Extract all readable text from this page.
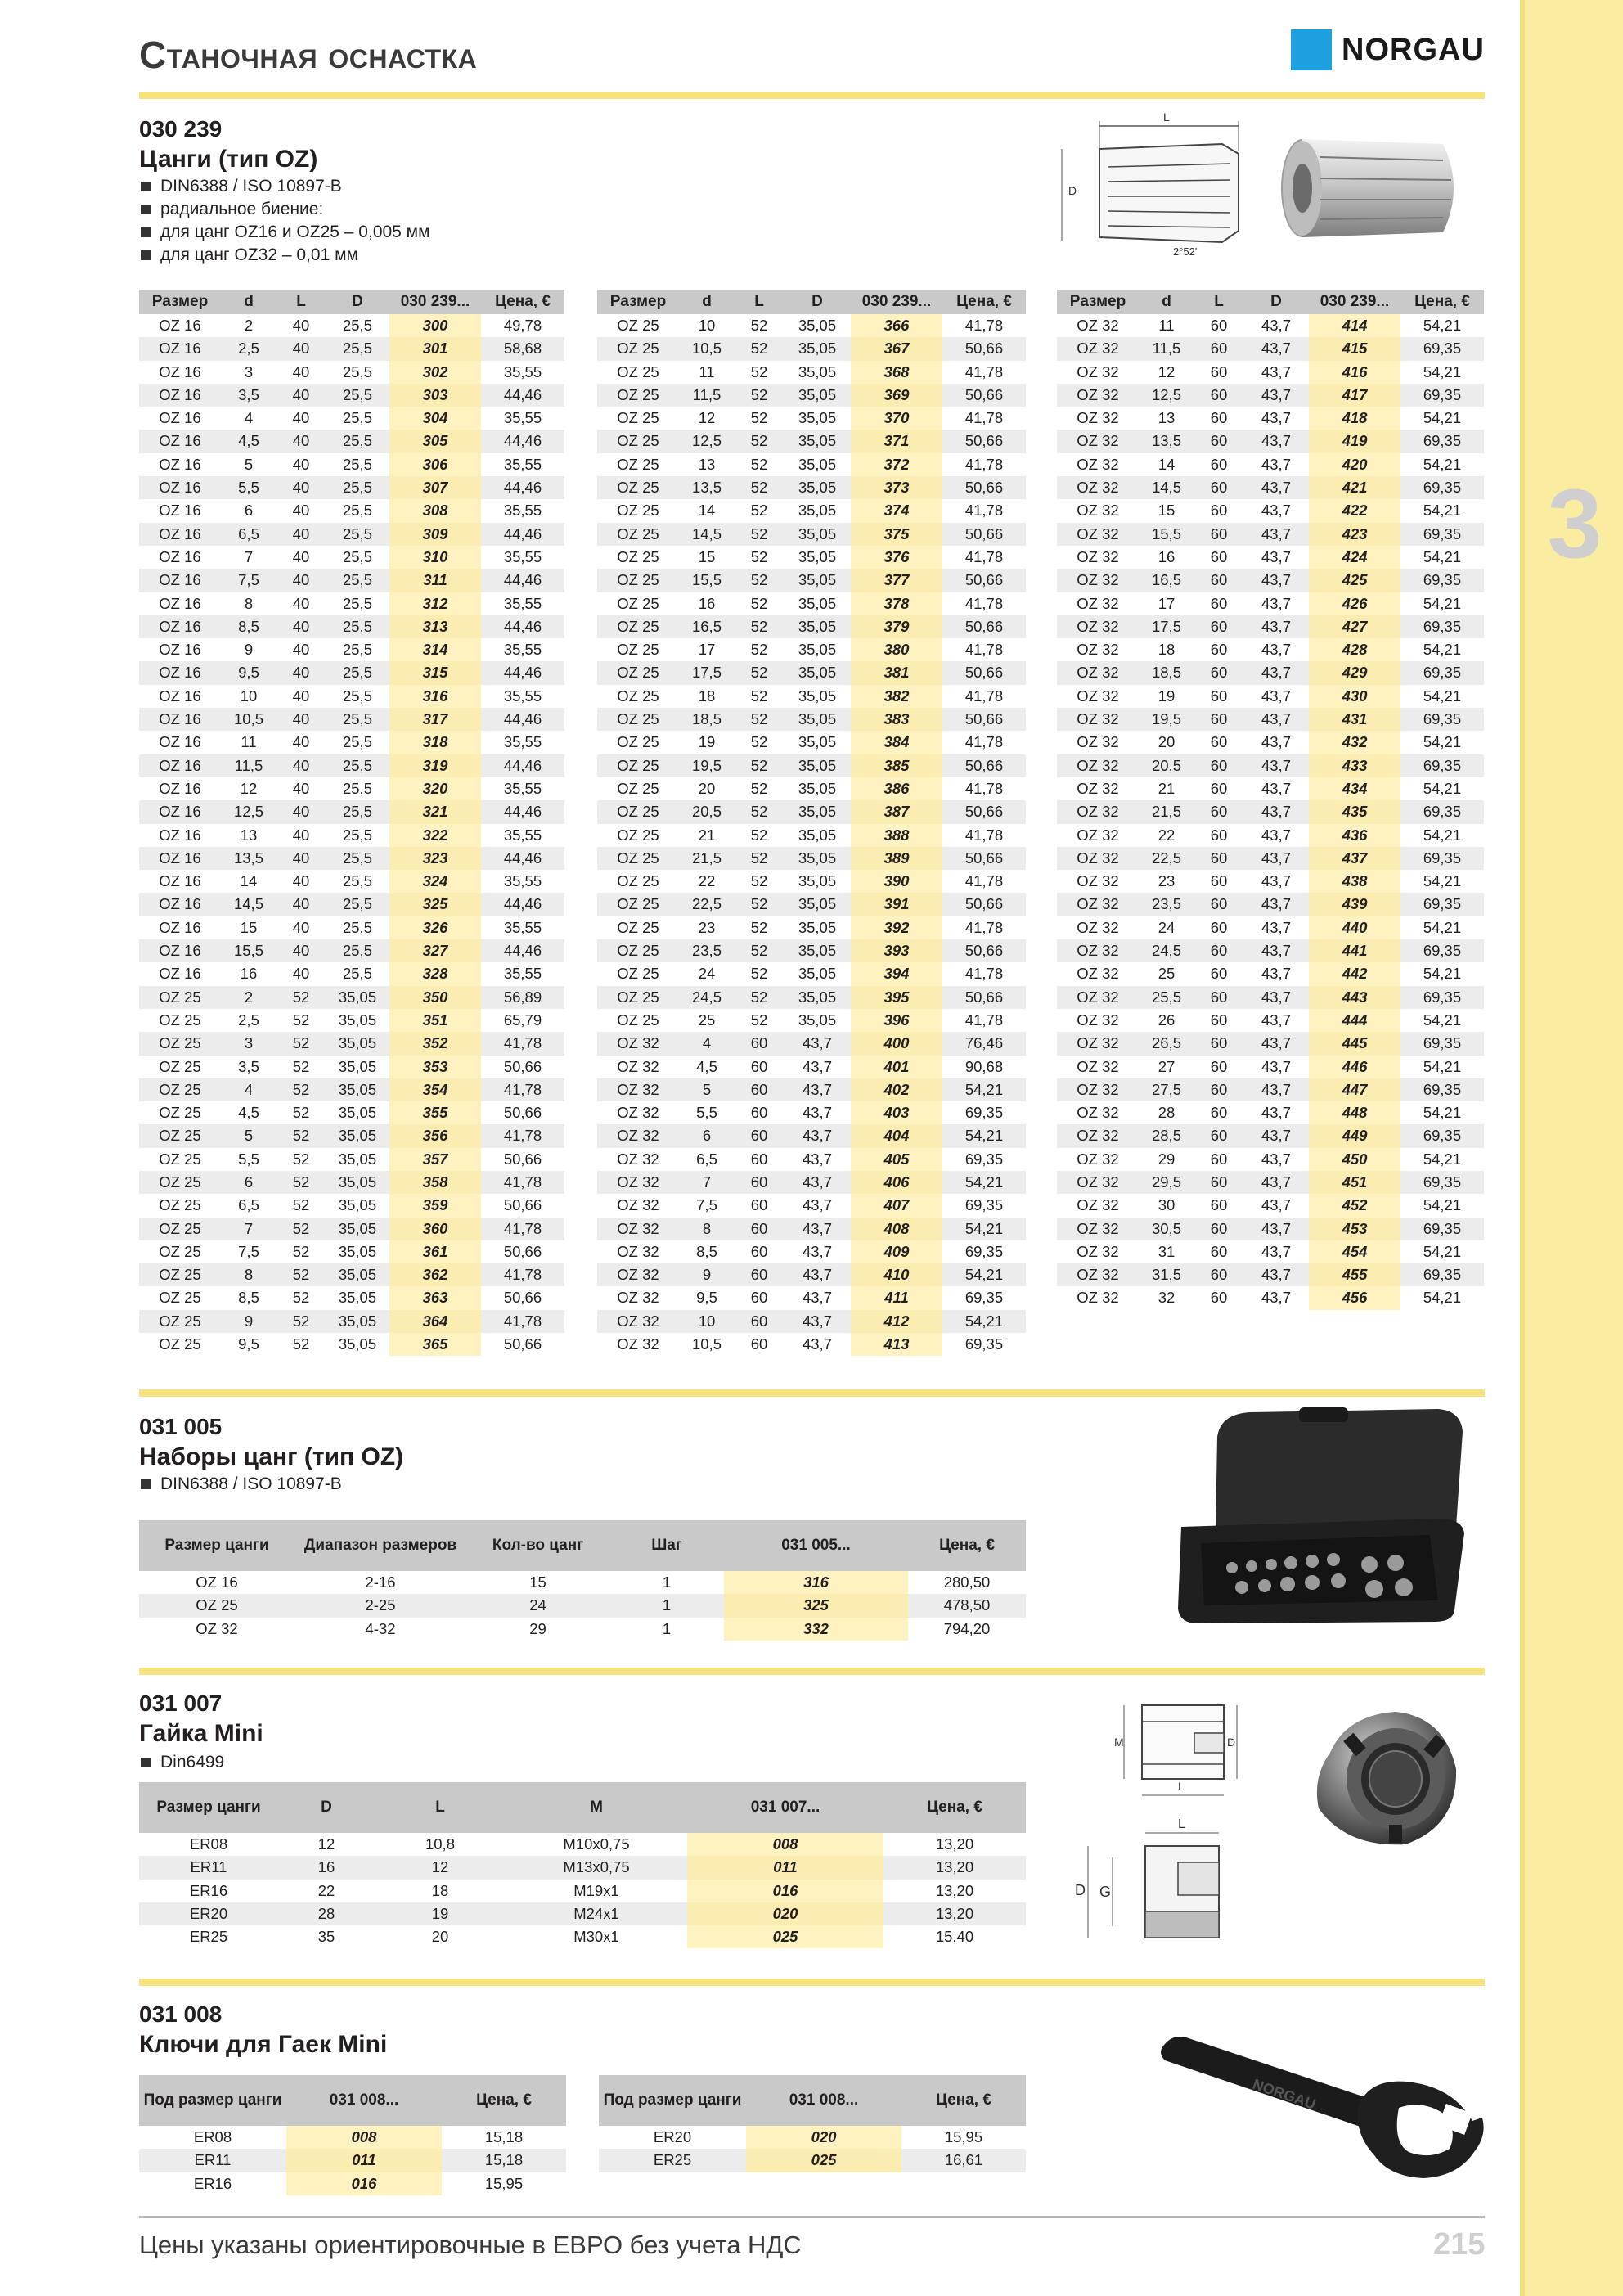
3
Станочная оснастка	NORGAU
030 239
Цанги (тип OZ)
DIN6388 / ISO 10897-B
радиальное биение:
для цанг OZ16 и OZ25 – 0,005 мм
для цанг OZ32 – 0,01 мм
L
D
2°52'
Размер	d	L	D	030 239...	Цена, €
OZ 16	2	40	25,5	300	49,78
OZ 16	2,5	40	25,5	301	58,68
OZ 16	3	40	25,5	302	35,55
OZ 16	3,5	40	25,5	303	44,46
OZ 16	4	40	25,5	304	35,55
OZ 16	4,5	40	25,5	305	44,46
OZ 16	5	40	25,5	306	35,55
OZ 16	5,5	40	25,5	307	44,46
OZ 16	6	40	25,5	308	35,55
OZ 16	6,5	40	25,5	309	44,46
OZ 16	7	40	25,5	310	35,55
OZ 16	7,5	40	25,5	311	44,46
OZ 16	8	40	25,5	312	35,55
OZ 16	8,5	40	25,5	313	44,46
OZ 16	9	40	25,5	314	35,55
OZ 16	9,5	40	25,5	315	44,46
OZ 16	10	40	25,5	316	35,55
OZ 16	10,5	40	25,5	317	44,46
OZ 16	11	40	25,5	318	35,55
OZ 16	11,5	40	25,5	319	44,46
OZ 16	12	40	25,5	320	35,55
OZ 16	12,5	40	25,5	321	44,46
OZ 16	13	40	25,5	322	35,55
OZ 16	13,5	40	25,5	323	44,46
OZ 16	14	40	25,5	324	35,55
OZ 16	14,5	40	25,5	325	44,46
OZ 16	15	40	25,5	326	35,55
OZ 16	15,5	40	25,5	327	44,46
OZ 16	16	40	25,5	328	35,55
OZ 25	2	52	35,05	350	56,89
OZ 25	2,5	52	35,05	351	65,79
OZ 25	3	52	35,05	352	41,78
OZ 25	3,5	52	35,05	353	50,66
OZ 25	4	52	35,05	354	41,78
OZ 25	4,5	52	35,05	355	50,66
OZ 25	5	52	35,05	356	41,78
OZ 25	5,5	52	35,05	357	50,66
OZ 25	6	52	35,05	358	41,78
OZ 25	6,5	52	35,05	359	50,66
OZ 25	7	52	35,05	360	41,78
OZ 25	7,5	52	35,05	361	50,66
OZ 25	8	52	35,05	362	41,78
OZ 25	8,5	52	35,05	363	50,66
OZ 25	9	52	35,05	364	41,78
OZ 25	9,5	52	35,05	365	50,66
Размер	d	L	D	030 239...	Цена, €
OZ 25	10	52	35,05	366	41,78
OZ 25	10,5	52	35,05	367	50,66
OZ 25	11	52	35,05	368	41,78
OZ 25	11,5	52	35,05	369	50,66
OZ 25	12	52	35,05	370	41,78
OZ 25	12,5	52	35,05	371	50,66
OZ 25	13	52	35,05	372	41,78
OZ 25	13,5	52	35,05	373	50,66
OZ 25	14	52	35,05	374	41,78
OZ 25	14,5	52	35,05	375	50,66
OZ 25	15	52	35,05	376	41,78
OZ 25	15,5	52	35,05	377	50,66
OZ 25	16	52	35,05	378	41,78
OZ 25	16,5	52	35,05	379	50,66
OZ 25	17	52	35,05	380	41,78
OZ 25	17,5	52	35,05	381	50,66
OZ 25	18	52	35,05	382	41,78
OZ 25	18,5	52	35,05	383	50,66
OZ 25	19	52	35,05	384	41,78
OZ 25	19,5	52	35,05	385	50,66
OZ 25	20	52	35,05	386	41,78
OZ 25	20,5	52	35,05	387	50,66
OZ 25	21	52	35,05	388	41,78
OZ 25	21,5	52	35,05	389	50,66
OZ 25	22	52	35,05	390	41,78
OZ 25	22,5	52	35,05	391	50,66
OZ 25	23	52	35,05	392	41,78
OZ 25	23,5	52	35,05	393	50,66
OZ 25	24	52	35,05	394	41,78
OZ 25	24,5	52	35,05	395	50,66
OZ 25	25	52	35,05	396	41,78
OZ 32	4	60	43,7	400	76,46
OZ 32	4,5	60	43,7	401	90,68
OZ 32	5	60	43,7	402	54,21
OZ 32	5,5	60	43,7	403	69,35
OZ 32	6	60	43,7	404	54,21
OZ 32	6,5	60	43,7	405	69,35
OZ 32	7	60	43,7	406	54,21
OZ 32	7,5	60	43,7	407	69,35
OZ 32	8	60	43,7	408	54,21
OZ 32	8,5	60	43,7	409	69,35
OZ 32	9	60	43,7	410	54,21
OZ 32	9,5	60	43,7	411	69,35
OZ 32	10	60	43,7	412	54,21
OZ 32	10,5	60	43,7	413	69,35
Размер	d	L	D	030 239...	Цена, €
OZ 32	11	60	43,7	414	54,21
OZ 32	11,5	60	43,7	415	69,35
OZ 32	12	60	43,7	416	54,21
OZ 32	12,5	60	43,7	417	69,35
OZ 32	13	60	43,7	418	54,21
OZ 32	13,5	60	43,7	419	69,35
OZ 32	14	60	43,7	420	54,21
OZ 32	14,5	60	43,7	421	69,35
OZ 32	15	60	43,7	422	54,21
OZ 32	15,5	60	43,7	423	69,35
OZ 32	16	60	43,7	424	54,21
OZ 32	16,5	60	43,7	425	69,35
OZ 32	17	60	43,7	426	54,21
OZ 32	17,5	60	43,7	427	69,35
OZ 32	18	60	43,7	428	54,21
OZ 32	18,5	60	43,7	429	69,35
OZ 32	19	60	43,7	430	54,21
OZ 32	19,5	60	43,7	431	69,35
OZ 32	20	60	43,7	432	54,21
OZ 32	20,5	60	43,7	433	69,35
OZ 32	21	60	43,7	434	54,21
OZ 32	21,5	60	43,7	435	69,35
OZ 32	22	60	43,7	436	54,21
OZ 32	22,5	60	43,7	437	69,35
OZ 32	23	60	43,7	438	54,21
OZ 32	23,5	60	43,7	439	69,35
OZ 32	24	60	43,7	440	54,21
OZ 32	24,5	60	43,7	441	69,35
OZ 32	25	60	43,7	442	54,21
OZ 32	25,5	60	43,7	443	69,35
OZ 32	26	60	43,7	444	54,21
OZ 32	26,5	60	43,7	445	69,35
OZ 32	27	60	43,7	446	54,21
OZ 32	27,5	60	43,7	447	69,35
OZ 32	28	60	43,7	448	54,21
OZ 32	28,5	60	43,7	449	69,35
OZ 32	29	60	43,7	450	54,21
OZ 32	29,5	60	43,7	451	69,35
OZ 32	30	60	43,7	452	54,21
OZ 32	30,5	60	43,7	453	69,35
OZ 32	31	60	43,7	454	54,21
OZ 32	31,5	60	43,7	455	69,35
OZ 32	32	60	43,7	456	54,21
031 005
Наборы цанг (тип OZ)
DIN6388 / ISO 10897-B
Размер цанги	Диапазон размеров	Кол-во цанг	Шаг	031 005...	Цена, €
OZ 16	2-16	15	1	316	280,50
OZ 25	2-25	24	1	325	478,50
OZ 32	4-32	29	1	332	794,20
031 007
Гайка Mini
Din6499
M	D
L
L
D G
Размер цанги	D	L	M	031 007...	Цена, €
ER08	12	10,8	M10x0,75	008	13,20
ER11	16	12	M13x0,75	011	13,20
ER16	22	18	M19x1	016	13,20
ER20	28	19	M24x1	020	13,20
ER25	35	20	M30x1	025	15,40
031 008
Ключи для Гаек Mini
Под размер цанги	031 008...	Цена, €
ER08	008	15,18
ER11	011	15,18
ER16	016	15,95
Под размер цанги	031 008...	Цена, €
ER20	020	15,95
ER25	025	16,61
NORGAU
Цены указаны ориентировочные в ЕВРО без учета НДС	215
